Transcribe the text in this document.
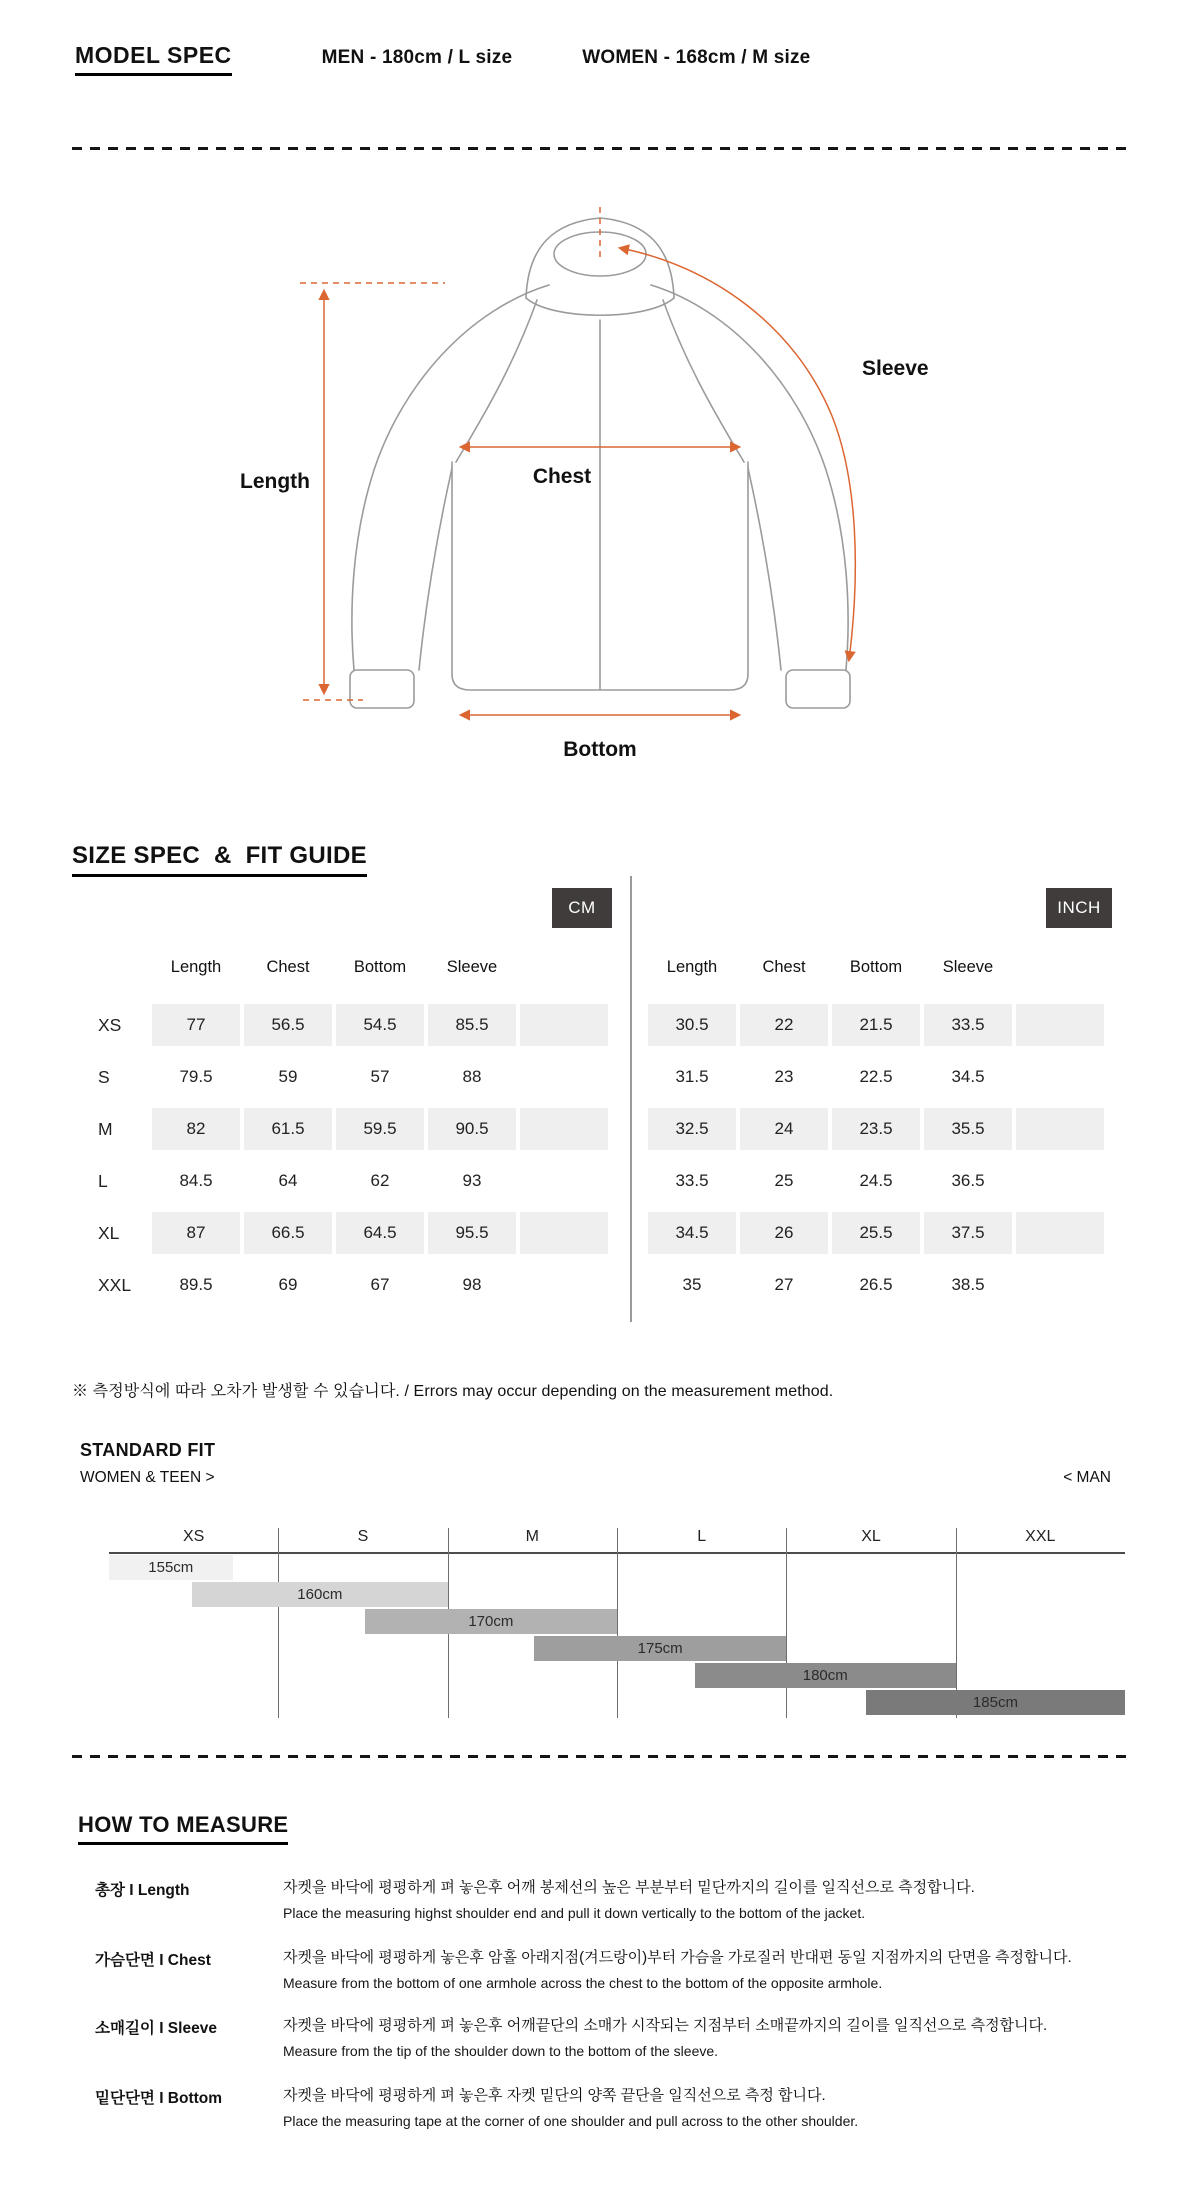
MODEL SPEC	MEN - 180cm / L size	WOMEN - 168cm / M size
Length	Chest
Sleeve
Bottom
SIZE SPEC  &  FIT GUIDE
CM	INCH
Length	Chest	Bottom	Sleeve
XS	77	56.5	54.5	85.5
S	79.5	59	57	88
M	82	61.5	59.5	90.5
L	84.5	64	62	93
XL	87	66.5	64.5	95.5
XXL	89.5	69	67	98
Length	Chest	Bottom	Sleeve
30.5	22	21.5	33.5
31.5	23	22.5	34.5
32.5	24	23.5	35.5
33.5	25	24.5	36.5
34.5	26	25.5	37.5
35	27	26.5	38.5
※ 측정방식에 따라 오차가 발생할 수 있습니다. / Errors may occur depending on the measurement method.
STANDARD FIT
WOMEN & TEEN >	< MAN
XS	S	M	L	XL	XXL
155cm
160cm
170cm
175cm
180cm
185cm
HOW TO MEASURE
총장 I Length	자켓을 바닥에 평평하게 펴 놓은후 어깨 봉제선의 높은 부분부터 밑단까지의 길이를 일직선으로 측정합니다.
Place the measuring highst shoulder end and pull it down vertically to the bottom of the jacket.
가슴단면 I Chest	자켓을 바닥에 평평하게 놓은후 암홀 아래지점(겨드랑이)부터 가슴을 가로질러 반대편 동일 지점까지의 단면을 측정합니다.
Measure from the bottom of one armhole across the chest to the bottom of the opposite armhole.
소매길이 I Sleeve	자켓을 바닥에 평평하게 펴 놓은후 어깨끝단의 소매가 시작되는 지점부터 소매끝까지의 길이를 일직선으로 측정합니다.
Measure from the tip of the shoulder down to the bottom of the sleeve.
밑단단면 I Bottom	자켓을 바닥에 평평하게 펴 놓은후 자켓 밑단의 양쪽 끝단을 일직선으로 측정 합니다.
Place the measuring tape at the corner of one shoulder and pull across to the other shoulder.
